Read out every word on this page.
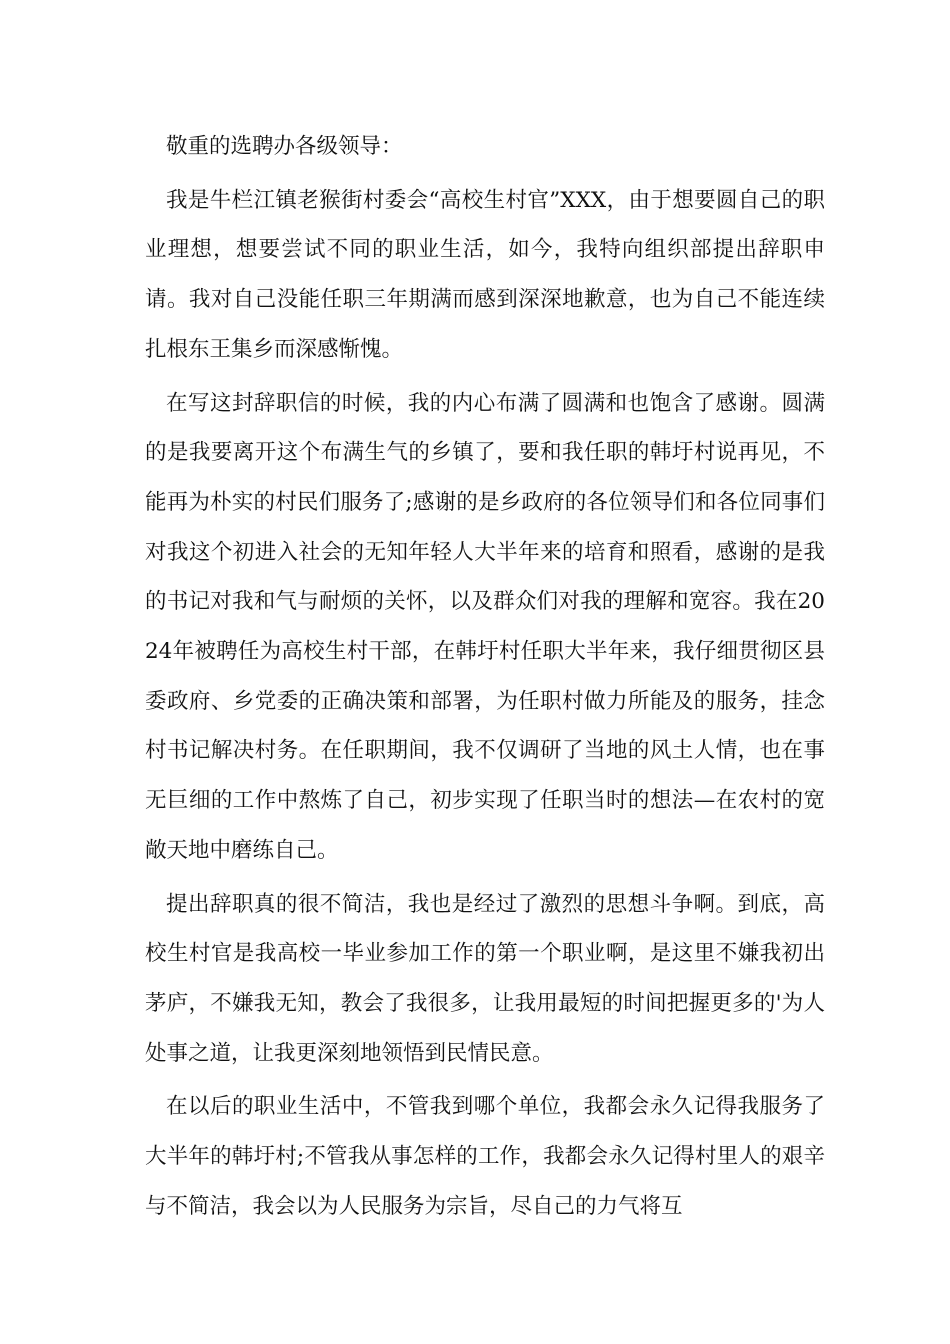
敬重的选聘办各级领导：

我是牛栏江镇老猴街村委会“高校生村官”XXX，由于想要圆自己的职业理想，想要尝试不同的职业生活，如今，我特向组织部提出辞职申请。我对自己没能任职三年期满而感到深深地歉意，也为自己不能连续扎根东王集乡而深感惭愧。

在写这封辞职信的时候，我的内心布满了圆满和也饱含了感谢。圆满的是我要离开这个布满生气的乡镇了，要和我任职的韩圩村说再见，不能再为朴实的村民们服务了;感谢的是乡政府的各位领导们和各位同事们对我这个初进入社会的无知年轻人大半年来的培育和照看，感谢的是我的书记对我和气与耐烦的关怀，以及群众们对我的理解和宽容。我在2024年被聘任为高校生村干部，在韩圩村任职大半年来，我仔细贯彻区县委政府、乡党委的正确决策和部署，为任职村做力所能及的服务，挂念村书记解决村务。在任职期间，我不仅调研了当地的风土人情，也在事无巨细的工作中熬炼了自己，初步实现了任职当时的想法—在农村的宽敞天地中磨练自己。

提出辞职真的很不简洁，我也是经过了激烈的思想斗争啊。到底，高校生村官是我高校一毕业参加工作的第一个职业啊，是这里不嫌我初出茅庐，不嫌我无知，教会了我很多，让我用最短的时间把握更多的'为人处事之道，让我更深刻地领悟到民情民意。

在以后的职业生活中，不管我到哪个单位，我都会永久记得我服务了大半年的韩圩村;不管我从事怎样的工作，我都会永久记得村里人的艰辛与不简洁，我会以为人民服务为宗旨，尽自己的力气将互
